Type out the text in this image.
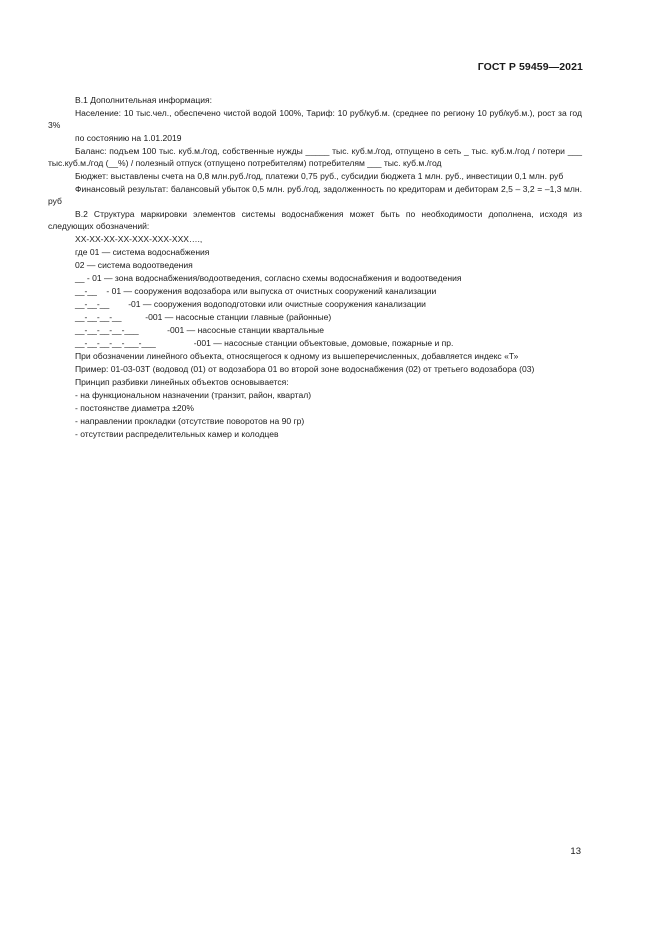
ГОСТ Р 59459—2021

В.1 Дополнительная информация:

Население: 10 тыс.чел., обеспечено чистой водой 100%, Тариф: 10 руб/куб.м. (среднее по региону 10 руб/куб.м.), рост за год 3%

по состоянию на 1.01.2019

Баланс: подъем 100 тыс. куб.м./год, собственные нужды _____ тыс. куб.м./год, отпущено в сеть _ тыс. куб.м./год / потери ___ тыс.куб.м./год (__%) / полезный отпуск (отпущено потребителям) потребителям ___ тыс. куб.м./год

Бюджет: выставлены счета на 0,8 млн.руб./год, платежи 0,75 руб., субсидии бюджета 1 млн. руб., инвестиции 0,1 млн. руб

Финансовый результат: балансовый убыток 0,5 млн. руб./год, задолженность по кредиторам и дебиторам 2,5 – 3,2 = –1,3 млн. руб

В.2 Структура маркировки элементов системы водоснабжения может быть по необходимости дополнена, исходя из следующих обозначений:

ХХ-ХХ-ХХ-ХХ-ХХХ-ХХХ-ХХХ….,

где 01 — система водоснабжения

02 — система водоотведения

__ - 01 — зона водоснабжения/водоотведения, согласно схемы водоснабжения и водоотведения

__-__    - 01 — сооружения водозабора или выпуска от очистных сооружений канализации

__-__-__        -01 — сооружения водоподготовки или очистные сооружения канализации

__-__-__-__          -001 — насосные станции главные (районные)

__-__-__-__-___            -001 — насосные станции квартальные

__-__-__-__-___-___                -001 — насосные станции объектовые, домовые, пожарные и пр.

При обозначении линейного объекта, относящегося к одному из вышеперечисленных, добавляется индекс «Т»

Пример: 01-03-03Т (водовод (01) от водозабора 01 во второй зоне водоснабжения (02) от третьего водозабора (03)

Принцип разбивки линейных объектов основывается:

- на функциональном назначении (транзит, район, квартал)

- постоянстве диаметра ±20%

- направлении прокладки (отсутствие поворотов на 90 гр)

- отсутствии распределительных камер и колодцев

13
